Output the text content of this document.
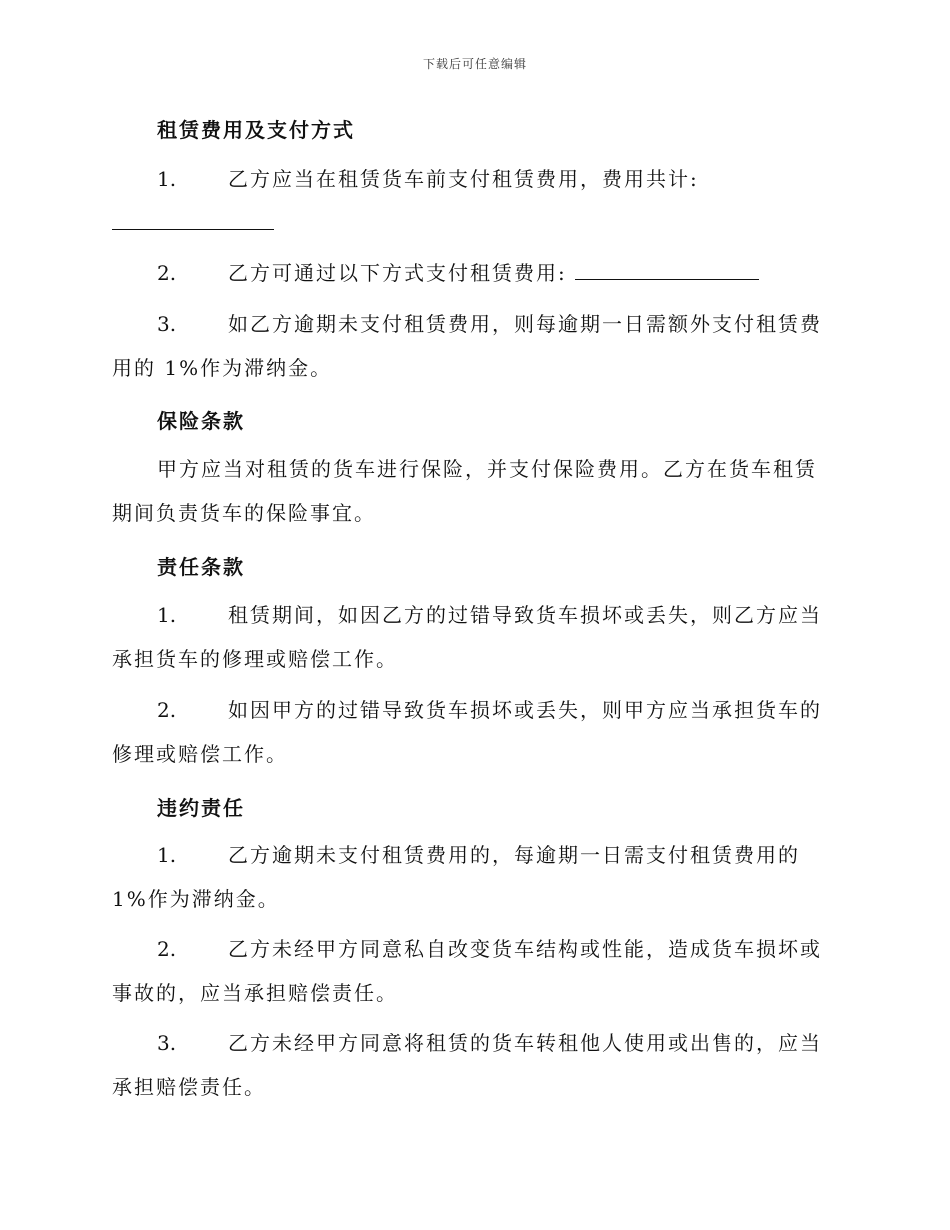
下载后可任意编辑
租赁费用及支付方式

1.	乙方应当在租赁货车前支付租赁费用，费用共计:

2.	乙方可通过以下方式支付租赁费用:

3.	如乙方逾期未支付租赁费用，则每逾期一日需额外支付租赁费用的 1%作为滞纳金。

保险条款

甲方应当对租赁的货车进行保险，并支付保险费用。乙方在货车租赁期间负责货车的保险事宜。

责任条款

1.	租赁期间，如因乙方的过错导致货车损坏或丢失，则乙方应当承担货车的修理或赔偿工作。

2.	如因甲方的过错导致货车损坏或丢失，则甲方应当承担货车的修理或赔偿工作。

违约责任

1.	乙方逾期未支付租赁费用的，每逾期一日需支付租赁费用的 1%作为滞纳金。

2.	乙方未经甲方同意私自改变货车结构或性能，造成货车损坏或事故的，应当承担赔偿责任。

3.	乙方未经甲方同意将租赁的货车转租他人使用或出售的，应当承担赔偿责任。
